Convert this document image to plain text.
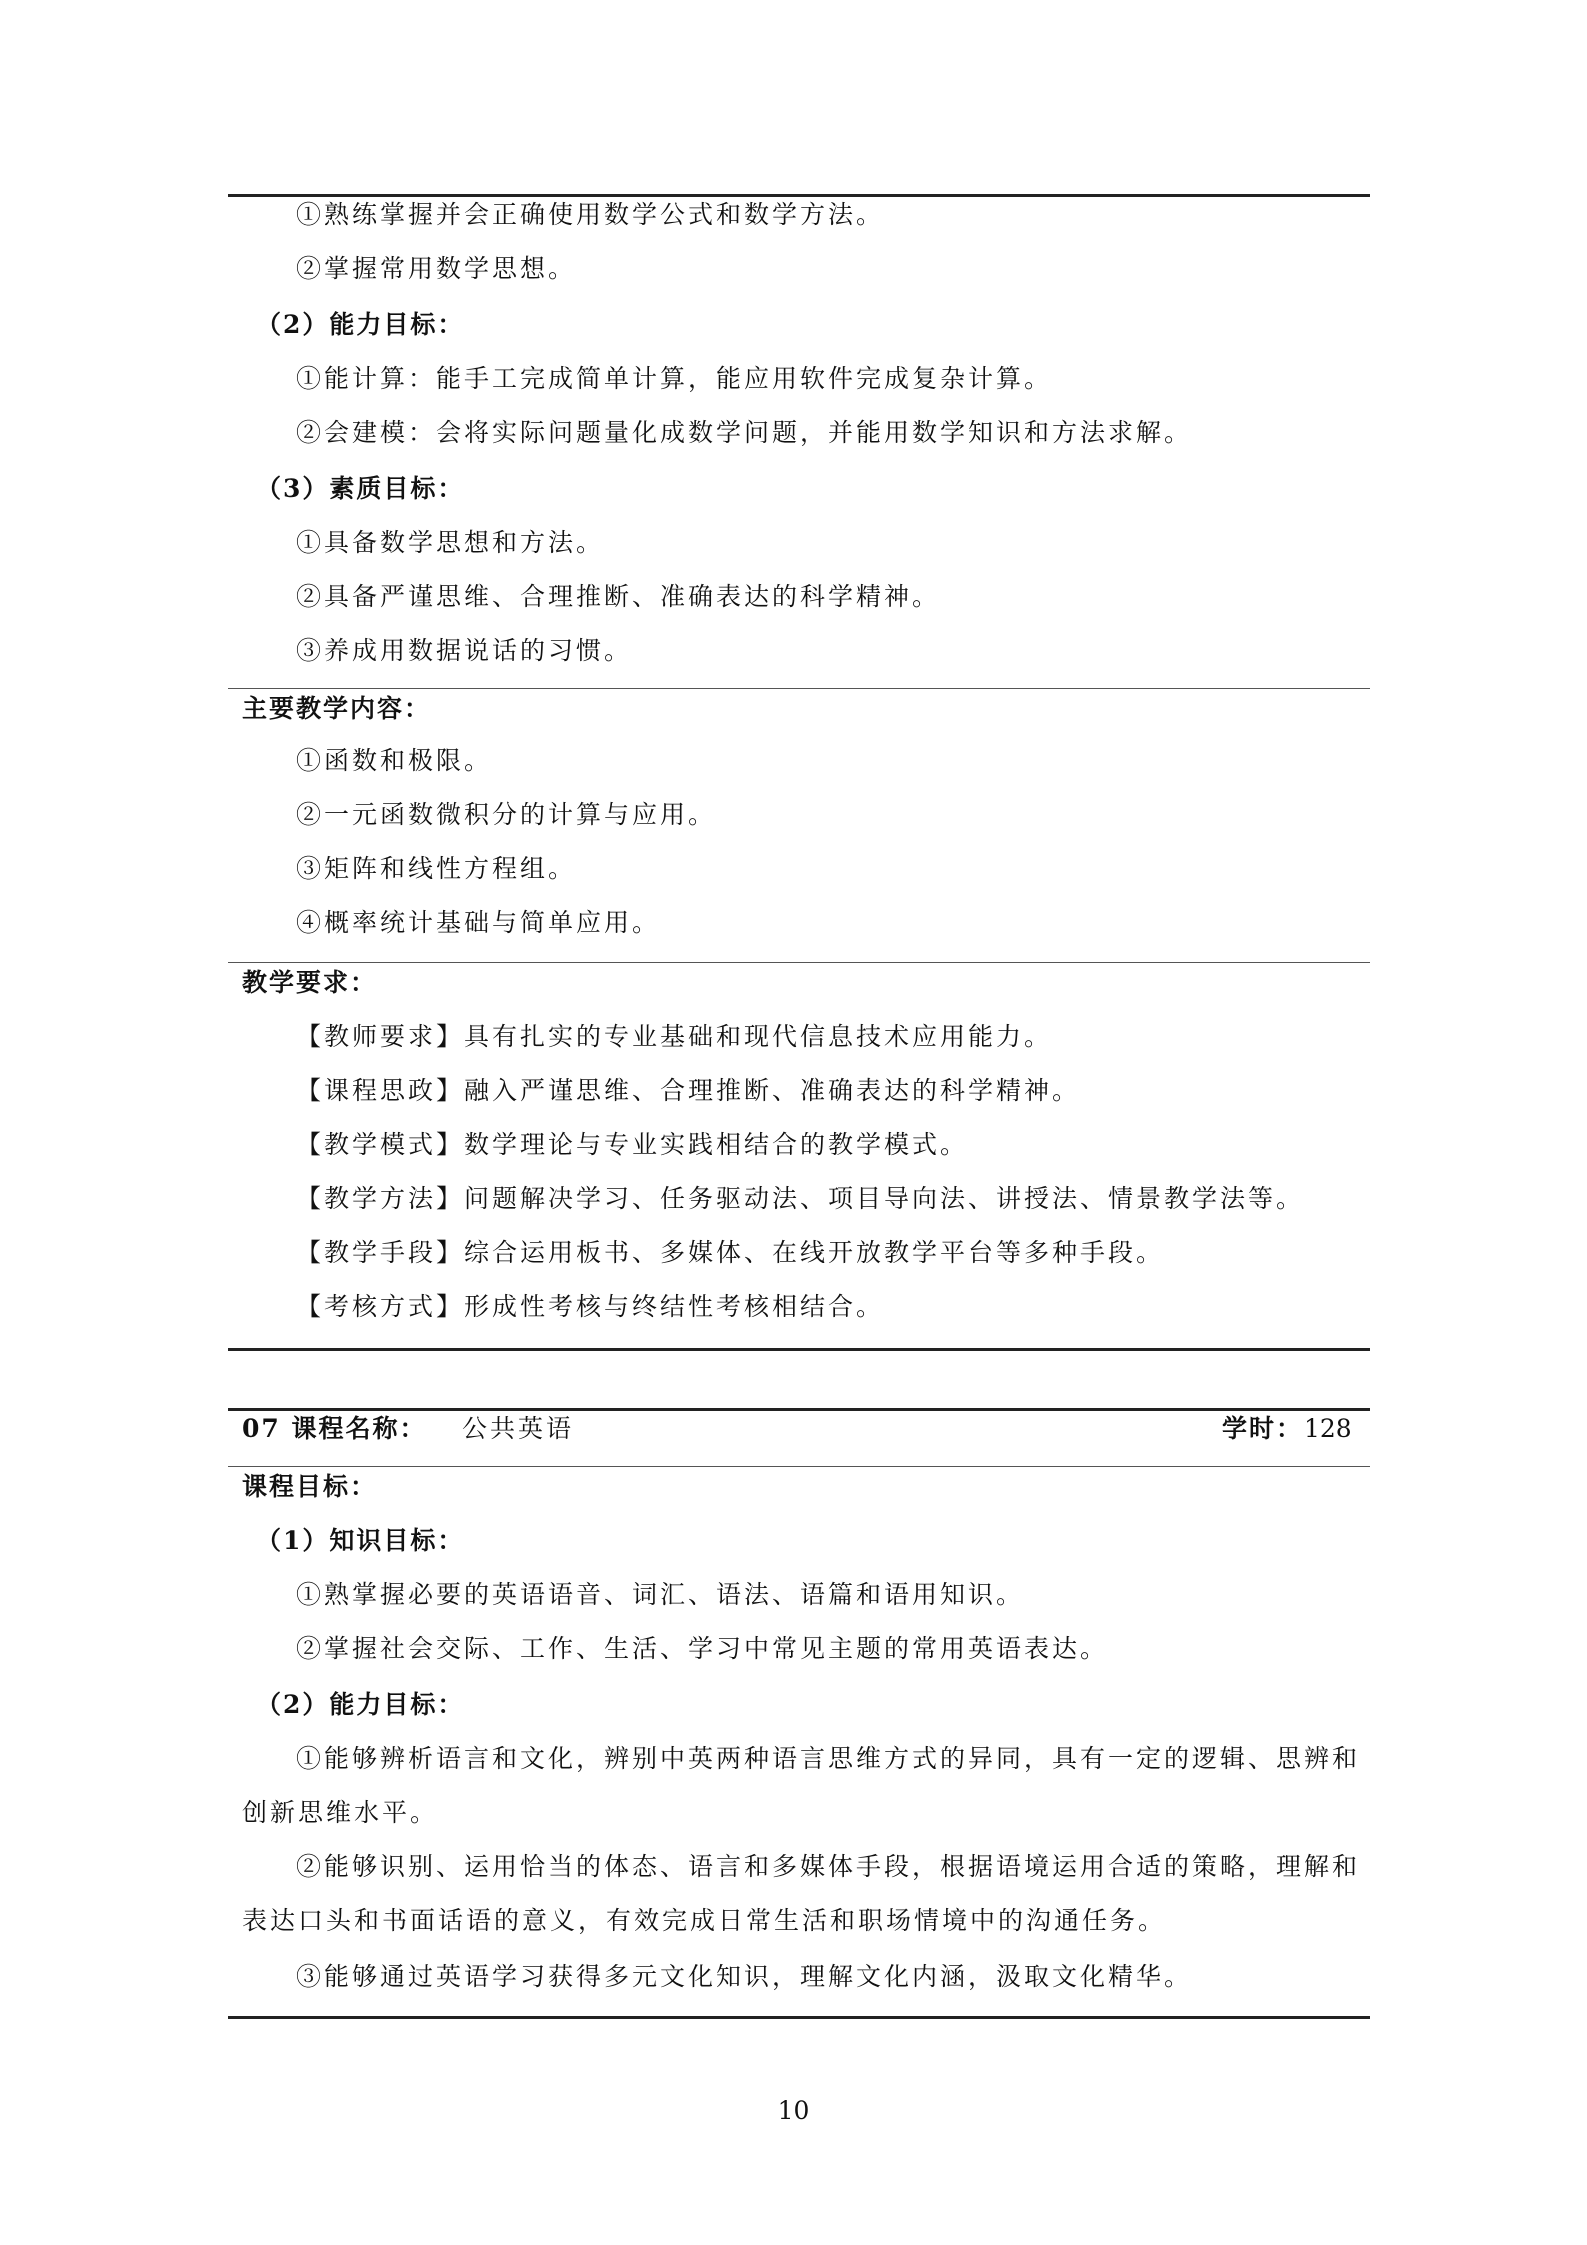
①熟练掌握并会正确使用数学公式和数学方法。
②掌握常用数学思想。
（2）能力目标：
①能计算：能手工完成简单计算，能应用软件完成复杂计算。
②会建模：会将实际问题量化成数学问题，并能用数学知识和方法求解。
（3）素质目标：
①具备数学思想和方法。
②具备严谨思维、合理推断、准确表达的科学精神。
③养成用数据说话的习惯。
主要教学内容：
①函数和极限。
②一元函数微积分的计算与应用。
③矩阵和线性方程组。
④概率统计基础与简单应用。
教学要求：
【教师要求】具有扎实的专业基础和现代信息技术应用能力。
【课程思政】融入严谨思维、合理推断、准确表达的科学精神。
【教学模式】数学理论与专业实践相结合的教学模式。
【教学方法】问题解决学习、任务驱动法、项目导向法、讲授法、情景教学法等。
【教学手段】综合运用板书、多媒体、在线开放教学平台等多种手段。
【考核方式】形成性考核与终结性考核相结合。
07 课程名称： 公共英语	学时： 128
课程目标：
（1）知识目标：
①熟掌握必要的英语语音、词汇、语法、语篇和语用知识。
②掌握社会交际、工作、生活、学习中常见主题的常用英语表达。
（2）能力目标：
①能够辨析语言和文化，辨别中英两种语言思维方式的异同，具有一定的逻辑、思辨和
创新思维水平。
②能够识别、运用恰当的体态、语言和多媒体手段，根据语境运用合适的策略，理解和
表达口头和书面话语的意义，有效完成日常生活和职场情境中的沟通任务。
③能够通过英语学习获得多元文化知识，理解文化内涵，汲取文化精华。
10
